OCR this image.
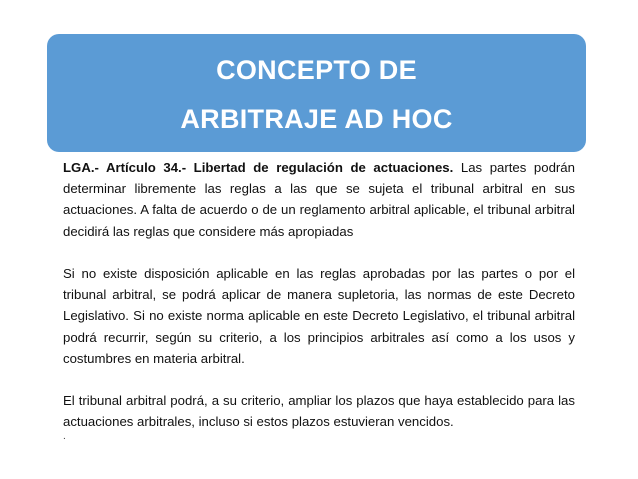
CONCEPTO DE
ARBITRAJE AD HOC

LGA.- Artículo 34.- Libertad de regulación de actuaciones. Las partes podrán determinar libremente las reglas a las que se sujeta el tribunal arbitral en sus actuaciones. A falta de acuerdo o de un reglamento arbitral aplicable, el tribunal arbitral decidirá las reglas que considere más apropiadas

Si no existe disposición aplicable en las reglas aprobadas por las partes o por el tribunal arbitral, se podrá aplicar de manera supletoria, las normas de este Decreto Legislativo. Si no existe norma aplicable en este Decreto Legislativo, el tribunal arbitral podrá recurrir, según su criterio, a los principios arbitrales así como a los usos y costumbres en materia arbitral.

El tribunal arbitral podrá, a su criterio, ampliar los plazos que haya establecido para las actuaciones arbitrales, incluso si estos plazos estuvieran vencidos.

.
